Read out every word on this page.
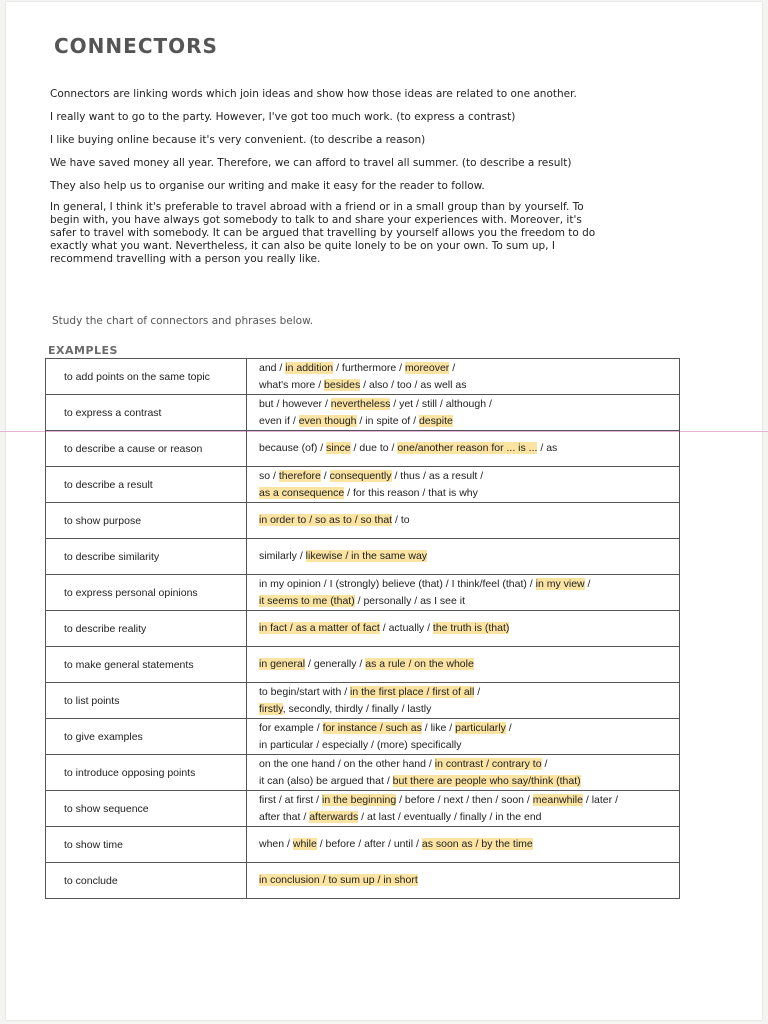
CONNECTORS

Connectors are linking words which join ideas and show how those ideas are related to one another.

I really want to go to the party. However, I've got too much work. (to express a contrast)

I like buying online because it's very convenient. (to describe a reason)

We have saved money all year. Therefore, we can afford to travel all summer. (to describe a result)

They also help us to organise our writing and make it easy for the reader to follow.

In general, I think it's preferable to travel abroad with a friend or in a small group than by yourself. To begin with, you have always got somebody to talk to and share your experiences with. Moreover, it's safer to travel with somebody. It can be argued that travelling by yourself allows you the freedom to do exactly what you want. Nevertheless, it can also be quite lonely to be on your own. To sum up, I recommend travelling with a person you really like.

Study the chart of connectors and phrases below.
EXAMPLES
to add points on the same topic	and / in addition / furthermore / moreover /
what's more / besides / also / too / as well as

to express a contrast	but / however / nevertheless / yet / still / although /
even if / even though / in spite of / despite

to describe a cause or reason	because (of) / since / due to / one/another reason for ... is ... / as

to describe a result	so / therefore / consequently / thus / as a result /
as a consequence / for this reason / that is why

to show purpose	in order to / so as to / so that / to

to describe similarity	similarly / likewise / in the same way

to express personal opinions	in my opinion / I (strongly) believe (that) / I think/feel (that) / in my view /
it seems to me (that) / personally / as I see it

to describe reality	in fact / as a matter of fact / actually / the truth is (that)

to make general statements	in general / generally / as a rule / on the whole

to list points	to begin/start with / in the first place / first of all /
firstly, secondly, thirdly / finally / lastly

to give examples	for example / for instance / such as / like / particularly /
in particular / especially / (more) specifically

to introduce opposing points	on the one hand / on the other hand / in contrast / contrary to /
it can (also) be argued that / but there are people who say/think (that)

to show sequence	first / at first / in the beginning / before / next / then / soon / meanwhile / later /
after that / afterwards / at last / eventually / finally / in the end

to show time	when / while / before / after / until / as soon as / by the time

to conclude	in conclusion / to sum up / in short
